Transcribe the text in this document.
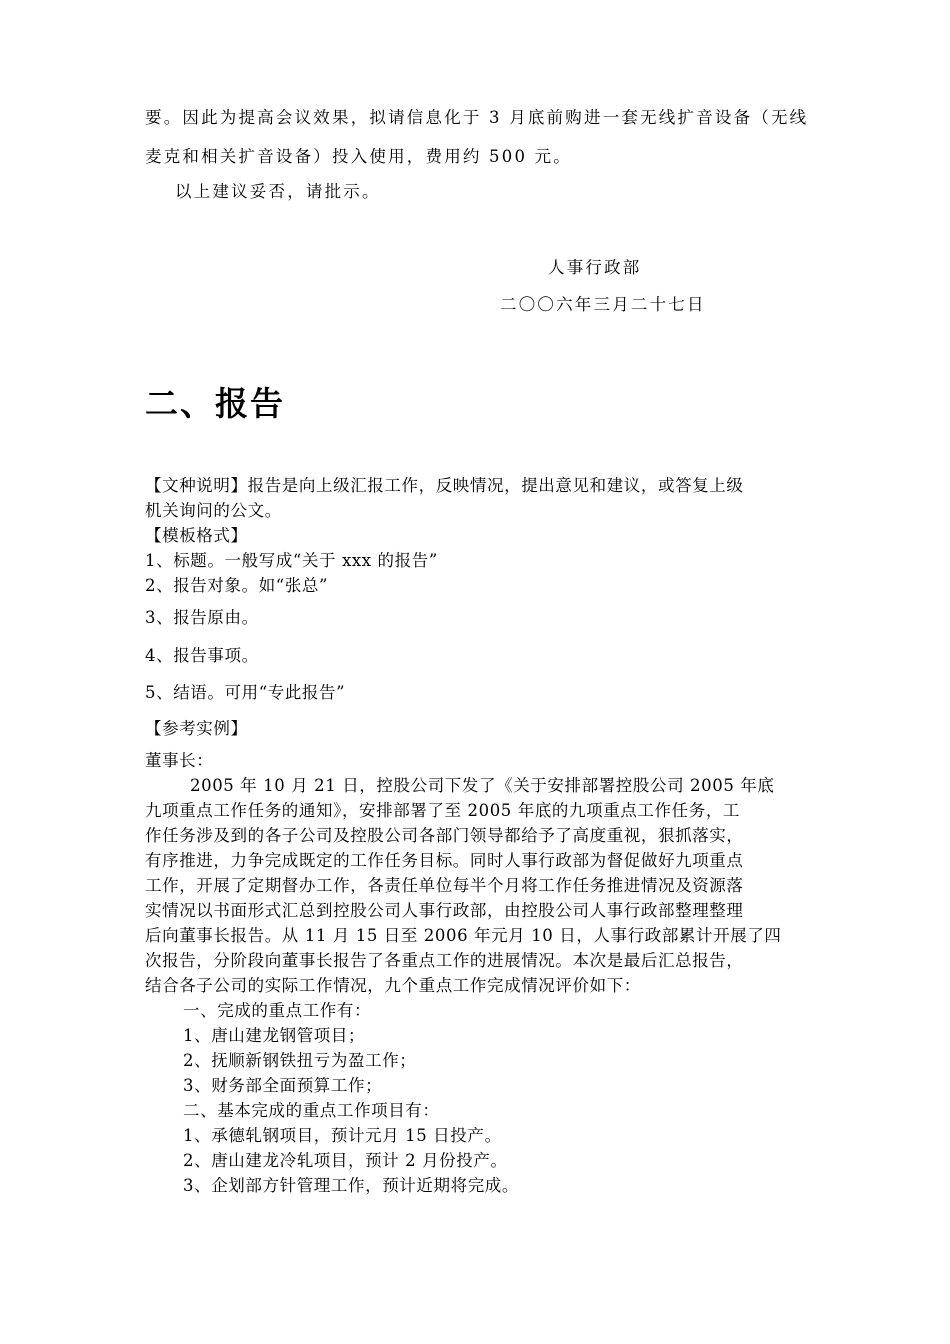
要。因此为提高会议效果，拟请信息化于 3 月底前购进一套无线扩音设备（无线

麦克和相关扩音设备）投入使用，费用约 500 元。

以上建议妥否，请批示。

人事行政部

二〇〇六年三月二十七日

二、报告

【文种说明】报告是向上级汇报工作，反映情况，提出意见和建议，或答复上级

机关询问的公文。

【模板格式】

1、标题。一般写成“关于 xxx 的报告”

2、报告对象。如“张总”

3、报告原由。

4、报告事项。

5、结语。可用“专此报告”

【参考实例】

董事长：

2005 年 10 月 21 日，控股公司下发了《关于安排部署控股公司 2005 年底

九项重点工作任务的通知》，安排部署了至 2005 年底的九项重点工作任务，工

作任务涉及到的各子公司及控股公司各部门领导都给予了高度重视，狠抓落实，

有序推进，力争完成既定的工作任务目标。同时人事行政部为督促做好九项重点

工作，开展了定期督办工作，各责任单位每半个月将工作任务推进情况及资源落

实情况以书面形式汇总到控股公司人事行政部，由控股公司人事行政部整理整理

后向董事长报告。从 11 月 15 日至 2006 年元月 10 日，人事行政部累计开展了四

次报告，分阶段向董事长报告了各重点工作的进展情况。本次是最后汇总报告，

结合各子公司的实际工作情况，九个重点工作完成情况评价如下：

一、完成的重点工作有：

1、唐山建龙钢管项目；

2、抚顺新钢铁扭亏为盈工作；

3、财务部全面预算工作；

二、基本完成的重点工作项目有：

1、承德轧钢项目，预计元月 15 日投产。

2、唐山建龙冷轧项目，预计 2 月份投产。

3、企划部方针管理工作，预计近期将完成。
